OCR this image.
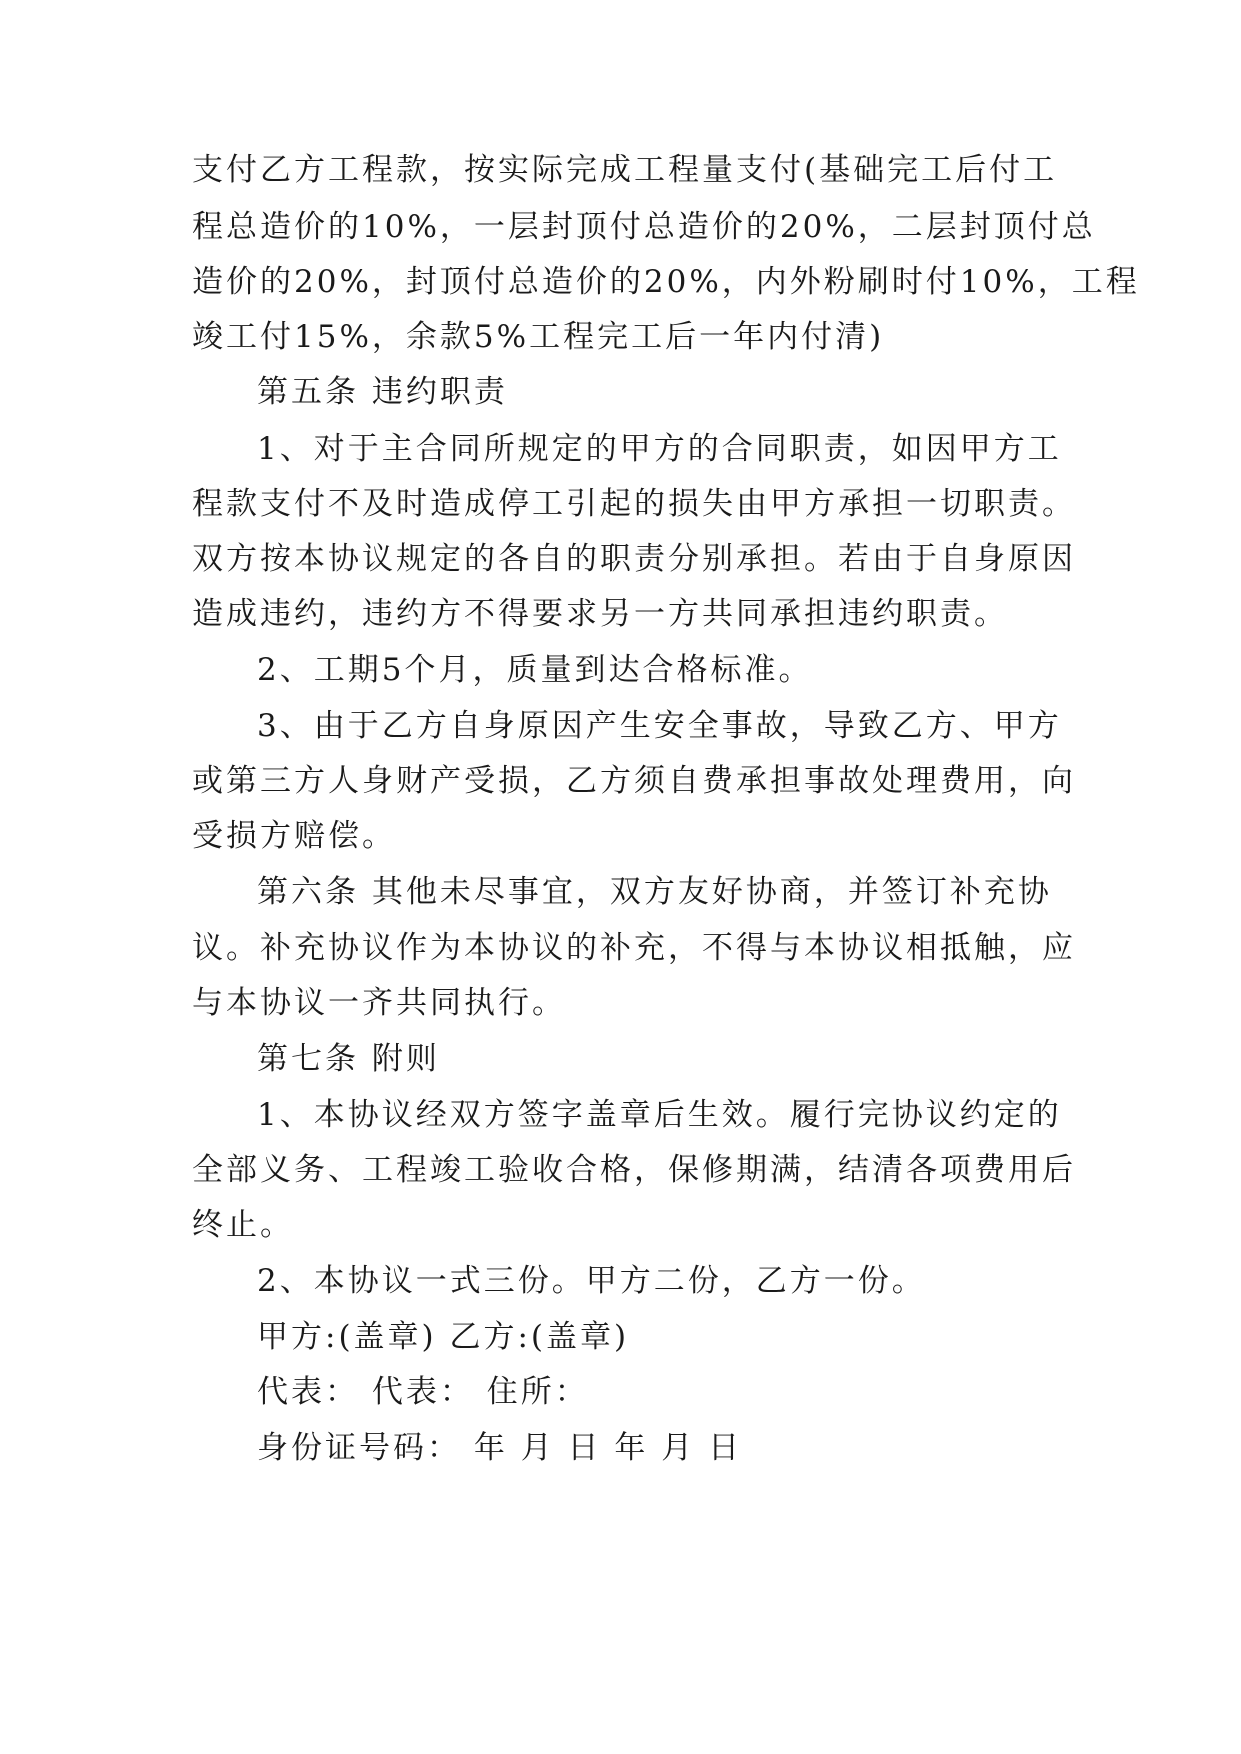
支付乙方工程款，按实际完成工程量支付(基础完工后付工
程总造价的10%，一层封顶付总造价的20%，二层封顶付总
造价的20%，封顶付总造价的20%，内外粉刷时付10%，工程
竣工付15%，余款5%工程完工后一年内付清)
第五条 违约职责
1、对于主合同所规定的甲方的合同职责，如因甲方工
程款支付不及时造成停工引起的损失由甲方承担一切职责。
双方按本协议规定的各自的职责分别承担。若由于自身原因
造成违约，违约方不得要求另一方共同承担违约职责。
2、工期5个月，质量到达合格标准。
3、由于乙方自身原因产生安全事故，导致乙方、甲方
或第三方人身财产受损，乙方须自费承担事故处理费用，向
受损方赔偿。
第六条 其他未尽事宜，双方友好协商，并签订补充协
议。补充协议作为本协议的补充，不得与本协议相抵触，应
与本协议一齐共同执行。
第七条 附则
1、本协议经双方签字盖章后生效。履行完协议约定的
全部义务、工程竣工验收合格，保修期满，结清各项费用后
终止。
2、本协议一式三份。甲方二份，乙方一份。
甲方:(盖章) 乙方:(盖章)
代表： 代表： 住所：
身份证号码： 年 月 日 年 月 日
